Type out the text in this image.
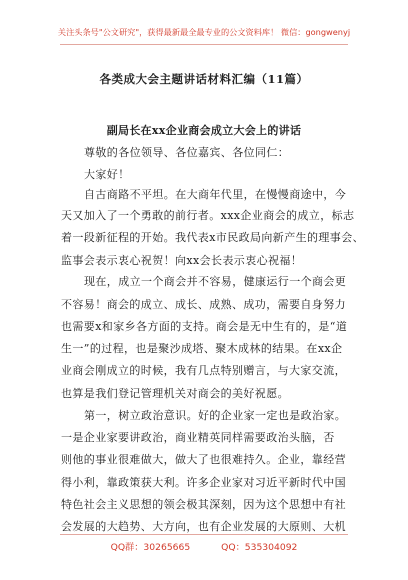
关注头条号"公文研究"，获得最新最全最专业的公文资料库！ 微信：gongwenyj
各类成大会主题讲话材料汇编（11篇）
副局长在xx企业商会成立大会上的讲话
尊敬的各位领导、各位嘉宾、各位同仁：
大家好！
自古商路不平坦。在大商年代里，在慢慢商途中，今
天又加入了一个勇敢的前行者。xxx企业商会的成立，标志
着一段新征程的开始。我代表x市民政局向新产生的理事会、
监事会表示衷心祝贺！向xx会长表示衷心祝福！
现在，成立一个商会并不容易，健康运行一个商会更
不容易！商会的成立、成长、成熟、成功，需要自身努力
也需要x和家乡各方面的支持。商会是无中生有的，是“道
生一”的过程，也是聚沙成塔、聚木成林的结果。在xx企
业商会刚成立的时候，我有几点特别赠言，与大家交流，
也算是我们登记管理机关对商会的美好祝愿。
第一，树立政治意识。好的企业家一定也是政治家。
一是企业家要讲政治，商业精英同样需要政治头脑，否
则他的事业很难做大，做大了也很难持久。企业，靠经营
得小利，靠政策获大利。许多企业家对习近平新时代中国
特色社会主义思想的领会极其深刻，因为这个思想中有社
会发展的大趋势、大方向，也有企业发展的大原则、大机
QQ群：30265665	QQ：535304092
